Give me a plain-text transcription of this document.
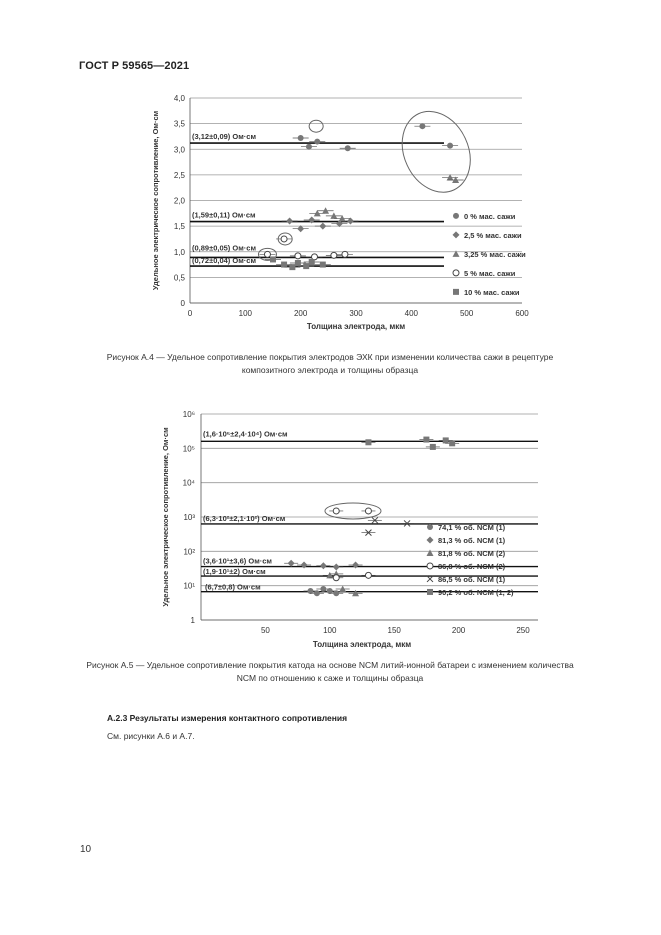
ГОСТ Р 59565—2021
0
0,5
1,0
1,5
2,0
2,5
3,0
3,5
4,0
0	100	200	300	400	500	600
Толщина электрода, мкм
Удельное электрическое сопротивление, Ом·см	(3,12±0,09) Ом·см
(1,59±0,11) Ом·см
(0,89±0,05) Ом·см
(0,72±0,04) Ом·см
0 % мас. сажи
2,5 % мас. сажи
3,25 % мас. сажи
5 % мас. сажи
10 % мас. сажи
Рисунок А.4 — Удельное сопротивление покрытия электродов ЭХК при изменении количества сажи в рецептуре композитного электрода и толщины образца
1
10¹
10²
10³
10⁴
10⁵
10⁶
50	100	150	200	250
Толщина электрода, мкм
Удельное электрическое сопротивление, Ом·см	(1,6·10⁵±2,4·10⁴) Ом·см
(6,3·10²±2,1·10²) Ом·см
(3,6·10¹±3,6) Ом·см
(1,9·10¹±2) Ом·см
(6,7±0,8) Ом·см
74,1 % об. NCM (1)
81,3 % об. NCM (1)
81,8 % об. NCM (2)
86,8 % об. NCM (2)
86,5 % об. NCM (1)
90,2 % об. NCM (1, 2)
Рисунок А.5 — Удельное сопротивление покрытия катода на основе NCM литий-ионной батареи с изменением количества NCM по отношению к саже и толщины образца
А.2.3 Результаты измерения контактного сопротивления
См. рисунки А.6 и А.7.
10
